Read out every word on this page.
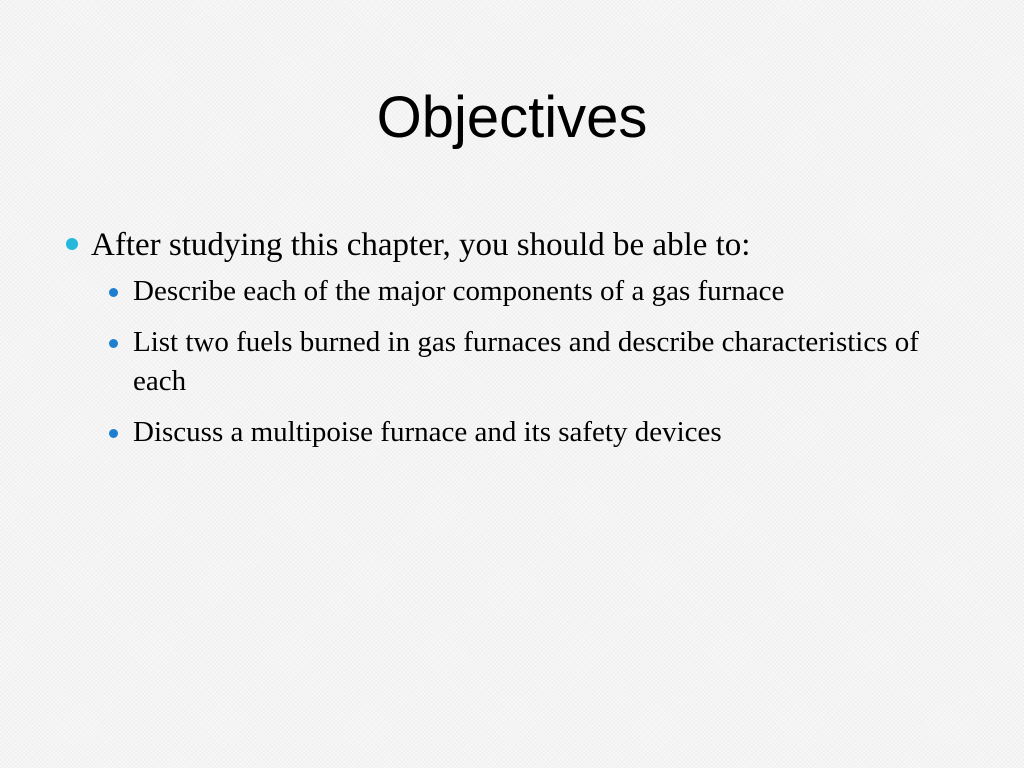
Objectives
After studying this chapter, you should be able to:
Describe each of the major components of a gas furnace
List two fuels burned in gas furnaces and describe characteristics of each
Discuss a multipoise furnace and its safety devices
